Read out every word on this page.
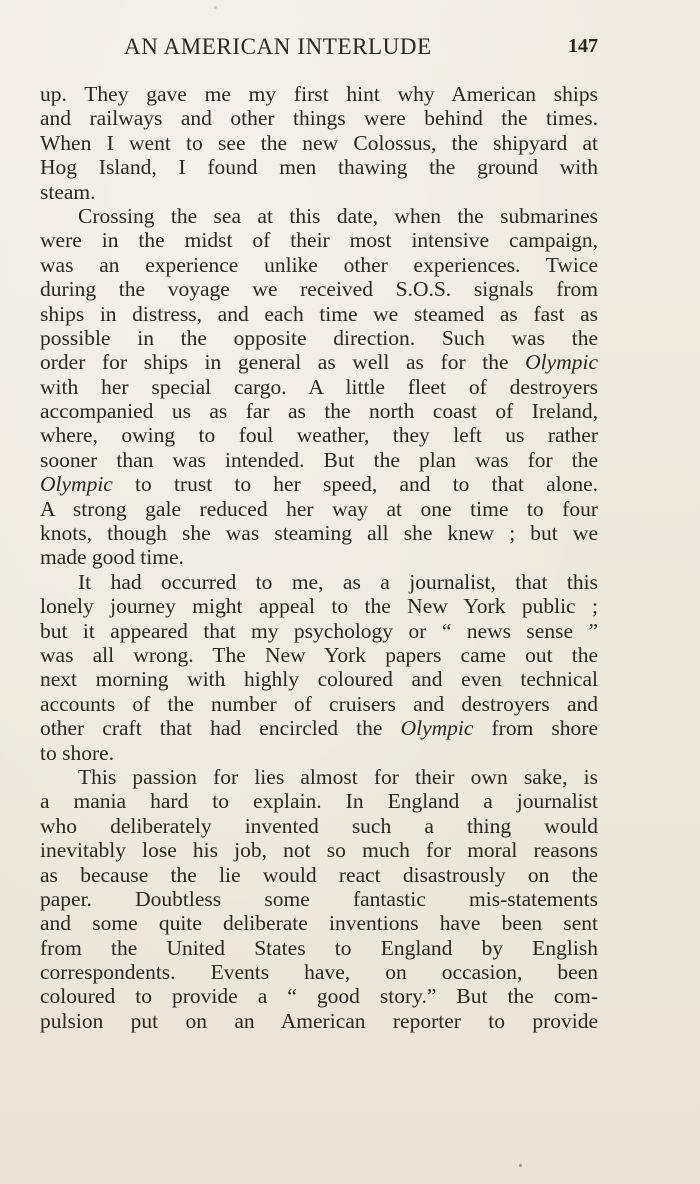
AN AMERICAN INTERLUDE	147
up. They gave me my first hint why American ships
and railways and other things were behind the times.
When I went to see the new Colossus, the shipyard at
Hog Island, I found men thawing the ground with
steam.
Crossing the sea at this date, when the submarines
were in the midst of their most intensive campaign,
was an experience unlike other experiences. Twice
during the voyage we received S.O.S. signals from
ships in distress, and each time we steamed as fast as
possible in the opposite direction. Such was the
order for ships in general as well as for the Olympic
with her special cargo. A little fleet of destroyers
accompanied us as far as the north coast of Ireland,
where, owing to foul weather, they left us rather
sooner than was intended. But the plan was for the
Olympic to trust to her speed, and to that alone.
A strong gale reduced her way at one time to four
knots, though she was steaming all she knew ; but we
made good time.
It had occurred to me, as a journalist, that this
lonely journey might appeal to the New York public ;
but it appeared that my psychology or “ news sense ”
was all wrong. The New York papers came out the
next morning with highly coloured and even technical
accounts of the number of cruisers and destroyers and
other craft that had encircled the Olympic from shore
to shore.
This passion for lies almost for their own sake, is
a mania hard to explain. In England a journalist
who deliberately invented such a thing would
inevitably lose his job, not so much for moral reasons
as because the lie would react disastrously on the
paper. Doubtless some fantastic mis-statements
and some quite deliberate inventions have been sent
from the United States to England by English
correspondents. Events have, on occasion, been
coloured to provide a “ good story.” But the com-
pulsion put on an American reporter to provide
